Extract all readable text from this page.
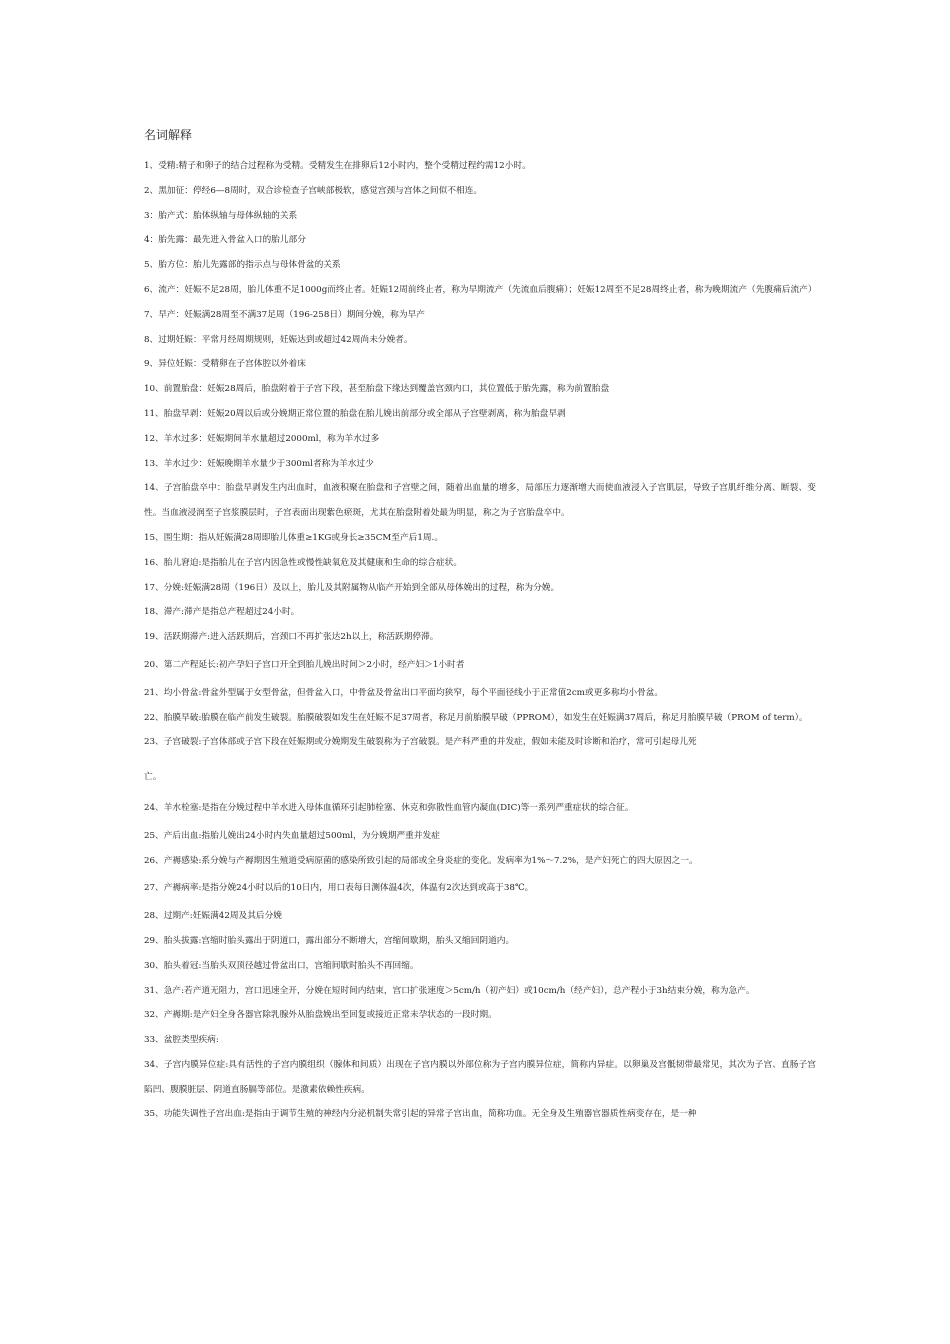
名词解释

1、受精:精子和卵子的结合过程称为受精。受精发生在排卵后12小时内，整个受精过程约需12小时。

2、黑加征：停经6—8周时，双合诊检查子宫峡部极软，感觉宫颈与宫体之间似不相连。

3：胎产式：胎体纵轴与母体纵轴的关系

4：胎先露：最先进入骨盆入口的胎儿部分

5、胎方位：胎儿先露部的指示点与母体骨盆的关系

6、流产：妊娠不足28周，胎儿体重不足1000g而终止者。妊娠12周前终止者，称为早期流产（先流血后腹痛）；妊娠12周至不足28周终止者，称为晚期流产（先腹痛后流产）

7、早产：妊娠满28周至不满37足周（196-258日）期间分娩，称为早产

8、过期妊娠：平常月经周期规则，妊娠达到或超过42周尚未分娩者。

9、异位妊娠：受精卵在子宫体腔以外着床

10、前置胎盘：妊娠28周后，胎盘附着于子宫下段，甚至胎盘下缘达到覆盖宫颈内口，其位置低于胎先露，称为前置胎盘

11、胎盘早剥：妊娠20周以后或分娩期正常位置的胎盘在胎儿娩出前部分或全部从子宫壁剥离，称为胎盘早剥

12、羊水过多：妊娠期间羊水量超过2000ml，称为羊水过多

13、羊水过少：妊娠晚期羊水量少于300ml者称为羊水过少

14、子宫胎盘卒中：胎盘早剥发生内出血时，血液积聚在胎盘和子宫壁之间，随着出血量的增多，局部压力逐渐增大而使血液浸入子宫肌层，导致子宫肌纤维分离、断裂、变性。当血液浸润至子宫浆膜层时，子宫表面出现紫色瘀斑，尤其在胎盘附着处最为明显，称之为子宫胎盘卒中。

15、围生期：指从妊娠满28周即胎儿体重≥1KG或身长≥35CM至产后1周.。

16、胎儿窘迫:是指胎儿在子宫内因急性或慢性缺氧危及其健康和生命的综合症状。

17、分娩:妊娠满28周（196日）及以上，胎儿及其附属物从临产开始到全部从母体娩出的过程，称为分娩。

18、滞产:滞产是指总产程超过24小时。

19、活跃期滞产:进入活跃期后，宫颈口不再扩张达2h以上，称活跃期停滞。

20、第二产程延长:初产孕妇子宫口开全到胎儿娩出时间＞2小时，经产妇＞1小时者

21、均小骨盆:骨盆外型属于女型骨盆，但骨盆入口，中骨盆及骨盆出口平面均狭窄，每个平面径线小于正常值2cm或更多称均小骨盆。

22、胎膜早破:胎膜在临产前发生破裂。胎膜破裂如发生在妊娠不足37周者，称足月前胎膜早破（PPROM），如发生在妊娠满37周后，称足月胎膜早破（PROM of term）。

23、子宫破裂:子宫体部或子宫下段在妊娠期或分娩期发生破裂称为子宫破裂。是产科严重的并发症，假如未能及时诊断和治疗，常可引起母儿死

亡。

24、羊水栓塞:是指在分娩过程中羊水进入母体血循环引起肺栓塞、休克和弥散性血管内凝血(DIC)等一系列严重症状的综合征。

25、产后出血:指胎儿娩出24小时内失血量超过500ml，为分娩期严重并发症

26、产褥感染:系分娩与产褥期因生殖道受病原菌的感染所致引起的局部或全身炎症的变化。发病率为1%～7.2%，是产妇死亡的四大原因之一。

27、产褥病率:是指分娩24小时以后的10日内，用口表每日测体温4次，体温有2次达到或高于38℃。

28、过期产:妊娠满42周及其后分娩

29、胎头拔露:宫缩时胎头露出于阴道口，露出部分不断增大，宫缩间歇期，胎头又缩回阴道内。

30、胎头着冠:当胎头双顶径越过骨盆出口，宫缩间歇时胎头不再回缩。

31、急产:若产道无阻力，宫口迅速全开，分娩在短时间内结束，宫口扩张速度＞5cm/h（初产妇）或10cm/h（经产妇），总产程小于3h结束分娩，称为急产。

32、产褥期:是产妇全身各器官除乳腺外从胎盘娩出至回复或接近正常未孕状态的一段时期。

33、盆腔类型疾病:

34、子宫内膜异位症:具有活性的子宫内膜组织（腺体和间质）出现在子宫内膜以外部位称为子宫内膜异位症，简称内异症。以卵巢及宫骶韧带最常见，其次为子宫、直肠子宫陷凹、腹膜脏层、阴道直肠膈等部位。是激素依赖性疾病。

35、功能失调性子宫出血:是指由于调节生殖的神经内分泌机制失常引起的异常子宫出血，简称功血。无全身及生殖器官器质性病变存在，是一种
